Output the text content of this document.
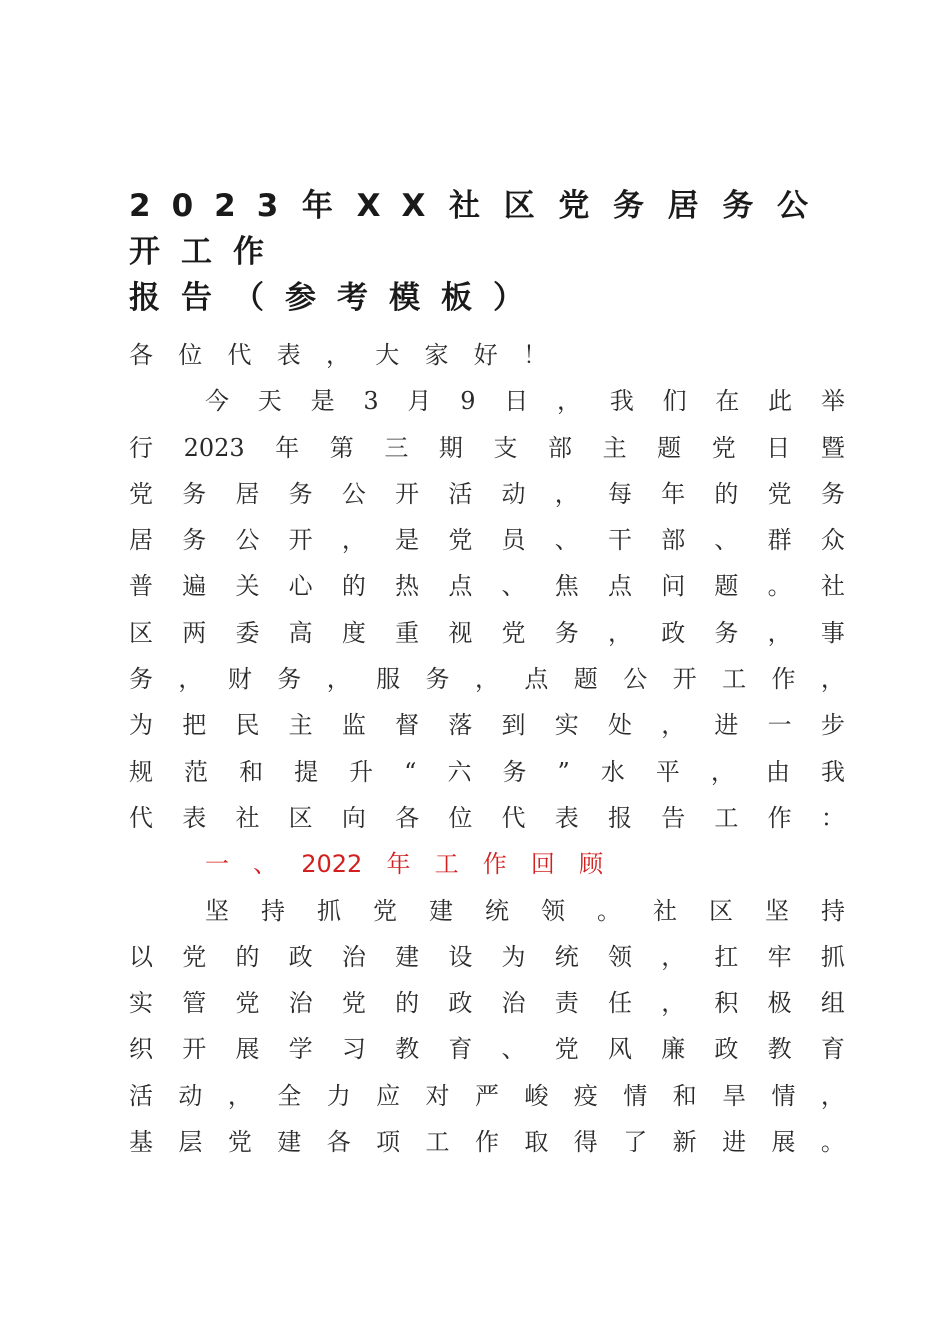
2023年XX社区党务居务公开工作
报告（参考模板）
各 位 代 表 ， 大 家 好 ！
今 天 是 3 月 9 日 ， 我 们 在 此 举
行 2023 年 第 三 期 支 部 主 题 党 日 暨
党 务 居 务 公 开 活 动 ， 每 年 的 党 务
居 务 公 开 ， 是 党 员 、 干 部 、 群 众
普 遍 关 心 的 热 点 、 焦 点 问 题 。 社
区 两 委 高 度 重 视 党 务 ， 政 务 ， 事
务 ， 财 务 ， 服 务 ， 点 题 公 开 工 作 ，
为 把 民 主 监 督 落 到 实 处 ， 进 一 步
规 范 和 提 升 “ 六 务 ” 水 平 ， 由 我
代 表 社 区 向 各 位 代 表 报 告 工 作 ：
一 、 2022 年 工 作 回 顾
坚 持 抓 党 建 统 领 。 社 区 坚 持
以 党 的 政 治 建 设 为 统 领 ， 扛 牢 抓
实 管 党 治 党 的 政 治 责 任 ， 积 极 组
织 开 展 学 习 教 育 、 党 风 廉 政 教 育
活 动 ， 全 力 应 对 严 峻 疫 情 和 旱 情 ，
基 层 党 建 各 项 工 作 取 得 了 新 进 展 。
